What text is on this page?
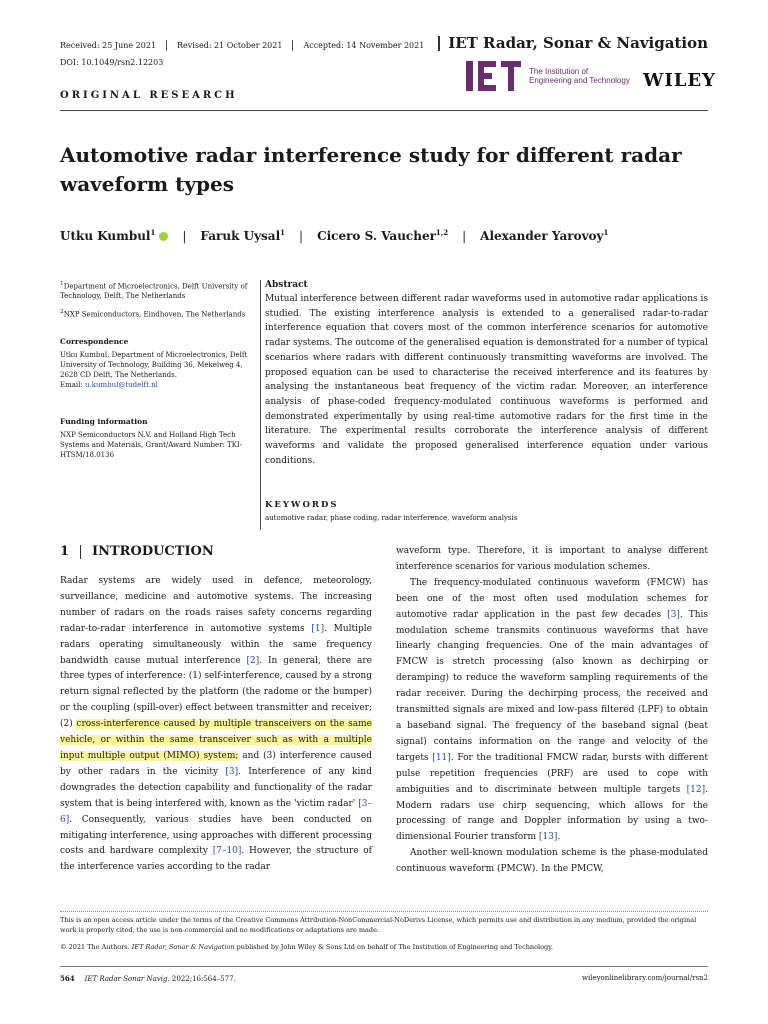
Received: 25 June 2021	Revised: 21 October 2021	Accepted: 14 November 2021 IET Radar, Sonar & Navigation
DOI: 10.1049/rsn2.12203
The Institution of
Engineering and Technology WILEY
ORIGINAL RESEARCH
Automotive radar interference study for different radar waveform types
Utku Kumbul$^1$	| Faruk Uysal$^1$ | Cicero S. Vaucher$^{1,2}$ | Alexander Yarovoy$^1$
$^1$Department of Microelectronics, Delft University of Technology, Delft, The Netherlands
$^2$NXP Semiconductors, Eindhoven, The Netherlands
Correspondence
Utku Kumbul, Department of Microelectronics, Delft University of Technology, Building 36, Mekelweg 4, 2628 CD Delft, The Netherlands.
Email: u.kumbul@tudelft.nl
Funding information
NXP Semiconductors N.V. and Holland High Tech Systems and Materials, Grant/Award Number: TKI-HTSM/18.0136
Abstract
Mutual interference between different radar waveforms used in automotive radar applications is studied. The existing interference analysis is extended to a generalised radar-to-radar interference equation that covers most of the common interference scenarios for automotive radar systems. The outcome of the generalised equation is demonstrated for a number of typical scenarios where radars with different continuously transmitting waveforms are involved. The proposed equation can be used to characterise the received interference and its features by analysing the instantaneous beat frequency of the victim radar. Moreover, an interference analysis of phase-coded frequency-modulated continuous waveforms is performed and demonstrated experimentally by using real-time automotive radars for the first time in the literature. The experimental results corroborate the interference analysis of different waveforms and validate the proposed generalised interference equation under various conditions.
KEYWORDS
automotive radar, phase coding, radar interference, waveform analysis
1 INTRODUCTION

Radar systems are widely used in defence, meteorology, surveillance, medicine and automotive systems. The increasing number of radars on the roads raises safety concerns regarding radar-to-radar interference in automotive systems [1]. Multiple radars operating simultaneously within the same frequency bandwidth cause mutual interference [2]. In general, there are three types of interference: (1) self-interference, caused by a strong return signal reflected by the platform (the radome or the bumper) or the coupling (spill-over) effect between transmitter and receiver; (2) cross-interference caused by multiple transceivers on the same vehicle, or within the same transceiver such as with a multiple input multiple output (MIMO) system; and (3) interference caused by other radars in the vicinity [3]. Interference of any kind downgrades the detection capability and functionality of the radar system that is being interfered with, known as the 'victim radar' [3–6]. Consequently, various studies have been conducted on mitigating interference, using approaches with different processing costs and hardware complexity [7–10]. However, the structure of the interference varies according to the radar

waveform type. Therefore, it is important to analyse different interference scenarios for various modulation schemes.

The frequency-modulated continuous waveform (FMCW) has been one of the most often used modulation schemes for automotive radar application in the past few decades [3]. This modulation scheme transmits continuous waveforms that have linearly changing frequencies. One of the main advantages of FMCW is stretch processing (also known as dechirping or deramping) to reduce the waveform sampling requirements of the radar receiver. During the dechirping process, the received and transmitted signals are mixed and low-pass filtered (LPF) to obtain a baseband signal. The frequency of the baseband signal (beat signal) contains information on the range and velocity of the targets [11]. For the traditional FMCW radar, bursts with different pulse repetition frequencies (PRF) are used to cope with ambiguities and to discriminate between multiple targets [12]. Modern radars use chirp sequencing, which allows for the processing of range and Doppler information by using a two-dimensional Fourier transform [13].

Another well-known modulation scheme is the phase-modulated continuous waveform (PMCW). In the PMCW,

This is an open access article under the terms of the Creative Commons Attribution-NonCommercial-NoDerivs License, which permits use and distribution in any medium, provided the original work is properly cited, the use is non-commercial and no modifications or adaptations are made.
© 2021 The Authors. IET Radar, Sonar & Navigation published by John Wiley & Sons Ltd on behalf of The Institution of Engineering and Technology.
564 IET Radar Sonar Navig. 2022;16:564–577.	wileyonlinelibrary.com/journal/rsn2
